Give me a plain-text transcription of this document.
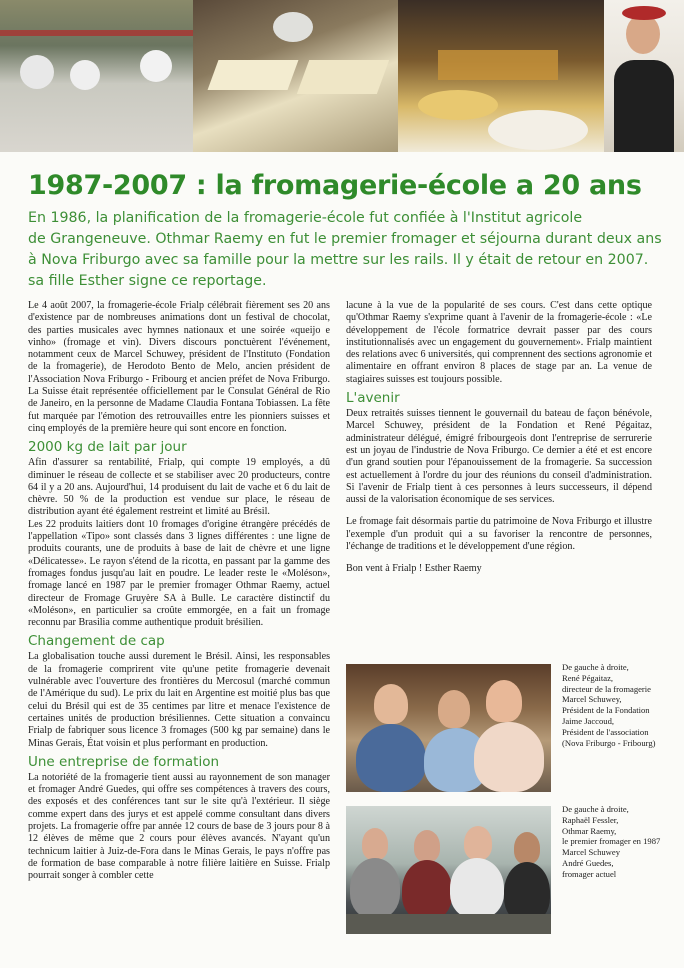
1987-2007 : la fromagerie-école a 20 ans
En 1986, la planification de la fromagerie-école fut confiée à l'Institut agricole
de Grangeneuve. Othmar Raemy en fut le premier fromager et séjourna durant deux ans
à Nova Friburgo avec sa famille pour la mettre sur les rails. Il y était de retour en 2007.
sa fille Esther signe ce reportage.

Le 4 août 2007, la fromagerie-école Frialp célébrait fièrement ses 20 ans d'existence par de nombreuses animations dont un festival de chocolat, des parties musicales avec hymnes nationaux et une soirée «queijo e vinho» (fromage et vin). Divers discours ponctuèrent l'événement, notamment ceux de Marcel Schuwey, président de l'Instituto (Fondation de la fromagerie), de Herodoto Bento de Melo, ancien président de l'Association Nova Friburgo - Fribourg et ancien préfet de Nova Friburgo. La Suisse était représentée officiellement par le Consulat Général de Rio de Janeiro, en la personne de Madame Claudia Fontana Tobiassen. La fête fut marquée par l'émotion des retrouvailles entre les pionniers suisses et cinq employés de la première heure qui sont encore en fonction.

2000 kg de lait par jour

Afin d'assurer sa rentabilité, Frialp, qui compte 19 employés, a dû diminuer le réseau de collecte et se stabiliser avec 20 producteurs, contre 64 il y a 20 ans. Aujourd'hui, 14 produisent du lait de vache et 6 du lait de chèvre. 50 % de la production est vendue sur place, le réseau de distribution ayant été également restreint et limité au Brésil.

Les 22 produits laitiers dont 10 fromages d'origine étrangère précédés de l'appellation «Tipo» sont classés dans 3 lignes différentes : une ligne de produits courants, une de produits à base de lait de chèvre et une ligne «Délicatesse». Le rayon s'étend de la ricotta, en passant par la gamme des fromages fondus jusqu'au lait en poudre. Le leader reste le «Moléson», fromage lancé en 1987 par le premier fromager Othmar Raemy, actuel directeur de Fromage Gruyère SA à Bulle. Le caractère distinctif du «Moléson», en particulier sa croûte emmorgée, en a fait un fromage reconnu par Brasilia comme authentique produit brésilien.

Changement de cap

La globalisation touche aussi durement le Brésil. Ainsi, les responsables de la fromagerie comprirent vite qu'une petite fromagerie devenait vulnérable avec l'ouverture des frontières du Mercosul (marché commun de l'Amérique du sud). Le prix du lait en Argentine est moitié plus bas que celui du Brésil qui est de 35 centimes par litre et menace l'existence de certaines unités de production brésiliennes. Cette situation a convaincu Frialp de fabriquer sous licence 3 fromages (500 kg par semaine) dans le Minas Gerais, État voisin et plus performant en production.

Une entreprise de formation

La notoriété de la fromagerie tient aussi au rayonnement de son manager et fromager André Guedes, qui offre ses compétences à travers des cours, des exposés et des conférences tant sur le site qu'à l'extérieur. Il siège comme expert dans des jurys et est appelé comme consultant dans divers projets. La fromagerie offre par année 12 cours de base de 3 jours pour 8 à 12 élèves de même que 2 cours pour élèves avancés. N'ayant qu'un technicum laitier à Juiz-de-Fora dans le Minas Gerais, le pays n'offre pas de formation de base comparable à notre filière laitière en Suisse. Frialp pourrait songer à combler cette

lacune à la vue de la popularité de ses cours. C'est dans cette optique qu'Othmar Raemy s'exprime quant à l'avenir de la fromagerie-école : «Le développement de l'école formatrice devrait passer par des cours institutionnalisés avec un engagement du gouvernement». Frialp maintient des relations avec 6 universités, qui comprennent des sections agronomie et alimentaire en offrant environ 8 places de stage par an. La venue de stagiaires suisses est toujours possible.

L'avenir

Deux retraités suisses tiennent le gouvernail du bateau de façon bénévole, Marcel Schuwey, président de la Fondation et René Pégaitaz, administrateur délégué, émigré fribourgeois dont l'entreprise de serrurerie est un joyau de l'industrie de Nova Friburgo. Ce dernier a été et est encore d'un grand soutien pour l'épanouissement de la fromagerie. Sa succession est actuellement à l'ordre du jour des réunions du conseil d'administration. Si l'avenir de Frialp tient à ces personnes à leurs successeurs, il dépend aussi de la valorisation économique de ses services.

Le fromage fait désormais partie du patrimoine de Nova Friburgo et illustre l'exemple d'un produit qui a su favoriser la rencontre de personnes, l'échange de traditions et le développement d'une région.

Bon vent à Frialp ! Esther Raemy

De gauche à droite,
René Pégaitaz,
directeur de la fromagerie
Marcel Schuwey,
Président de la Fondation
Jaime Jaccoud,
Président de l'association
(Nova Friburgo - Fribourg)
De gauche à droite,
Raphaël Fessler,
Othmar Raemy,
le premier fromager en 1987
Marcel Schuwey
André Guedes,
fromager actuel
